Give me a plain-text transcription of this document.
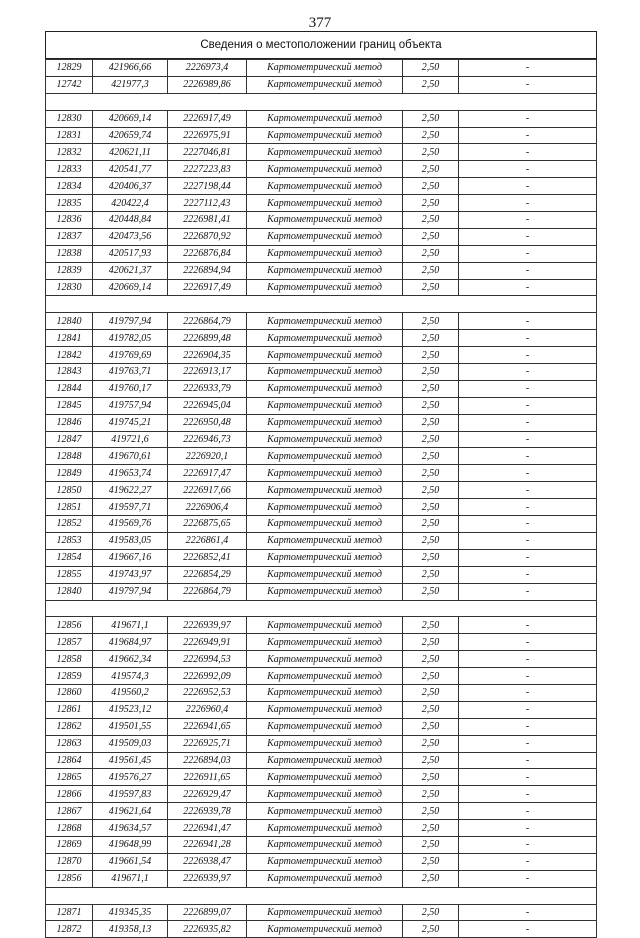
377
Сведения о местоположении границ объекта
12829	421966,66	2226973,4	Картометрический метод	2,50	-
12742	421977,3	2226989,86	Картометрический метод	2,50	-

12830	420669,14	2226917,49	Картометрический метод	2,50	-
12831	420659,74	2226975,91	Картометрический метод	2,50	-
12832	420621,11	2227046,81	Картометрический метод	2,50	-
12833	420541,77	2227223,83	Картометрический метод	2,50	-
12834	420406,37	2227198,44	Картометрический метод	2,50	-
12835	420422,4	2227112,43	Картометрический метод	2,50	-
12836	420448,84	2226981,41	Картометрический метод	2,50	-
12837	420473,56	2226870,92	Картометрический метод	2,50	-
12838	420517,93	2226876,84	Картометрический метод	2,50	-
12839	420621,37	2226894,94	Картометрический метод	2,50	-
12830	420669,14	2226917,49	Картометрический метод	2,50	-

12840	419797,94	2226864,79	Картометрический метод	2,50	-
12841	419782,05	2226899,48	Картометрический метод	2,50	-
12842	419769,69	2226904,35	Картометрический метод	2,50	-
12843	419763,71	2226913,17	Картометрический метод	2,50	-
12844	419760,17	2226933,79	Картометрический метод	2,50	-
12845	419757,94	2226945,04	Картометрический метод	2,50	-
12846	419745,21	2226950,48	Картометрический метод	2,50	-
12847	419721,6	2226946,73	Картометрический метод	2,50	-
12848	419670,61	2226920,1	Картометрический метод	2,50	-
12849	419653,74	2226917,47	Картометрический метод	2,50	-
12850	419622,27	2226917,66	Картометрический метод	2,50	-
12851	419597,71	2226906,4	Картометрический метод	2,50	-
12852	419569,76	2226875,65	Картометрический метод	2,50	-
12853	419583,05	2226861,4	Картометрический метод	2,50	-
12854	419667,16	2226852,41	Картометрический метод	2,50	-
12855	419743,97	2226854,29	Картометрический метод	2,50	-
12840	419797,94	2226864,79	Картометрический метод	2,50	-

12856	419671,1	2226939,97	Картометрический метод	2,50	-
12857	419684,97	2226949,91	Картометрический метод	2,50	-
12858	419662,34	2226994,53	Картометрический метод	2,50	-
12859	419574,3	2226992,09	Картометрический метод	2,50	-
12860	419560,2	2226952,53	Картометрический метод	2,50	-
12861	419523,12	2226960,4	Картометрический метод	2,50	-
12862	419501,55	2226941,65	Картометрический метод	2,50	-
12863	419509,03	2226925,71	Картометрический метод	2,50	-
12864	419561,45	2226894,03	Картометрический метод	2,50	-
12865	419576,27	2226911,65	Картометрический метод	2,50	-
12866	419597,83	2226929,47	Картометрический метод	2,50	-
12867	419621,64	2226939,78	Картометрический метод	2,50	-
12868	419634,57	2226941,47	Картометрический метод	2,50	-
12869	419648,99	2226941,28	Картометрический метод	2,50	-
12870	419661,54	2226938,47	Картометрический метод	2,50	-
12856	419671,1	2226939,97	Картометрический метод	2,50	-

12871	419345,35	2226899,07	Картометрический метод	2,50	-
12872	419358,13	2226935,82	Картометрический метод	2,50	-
